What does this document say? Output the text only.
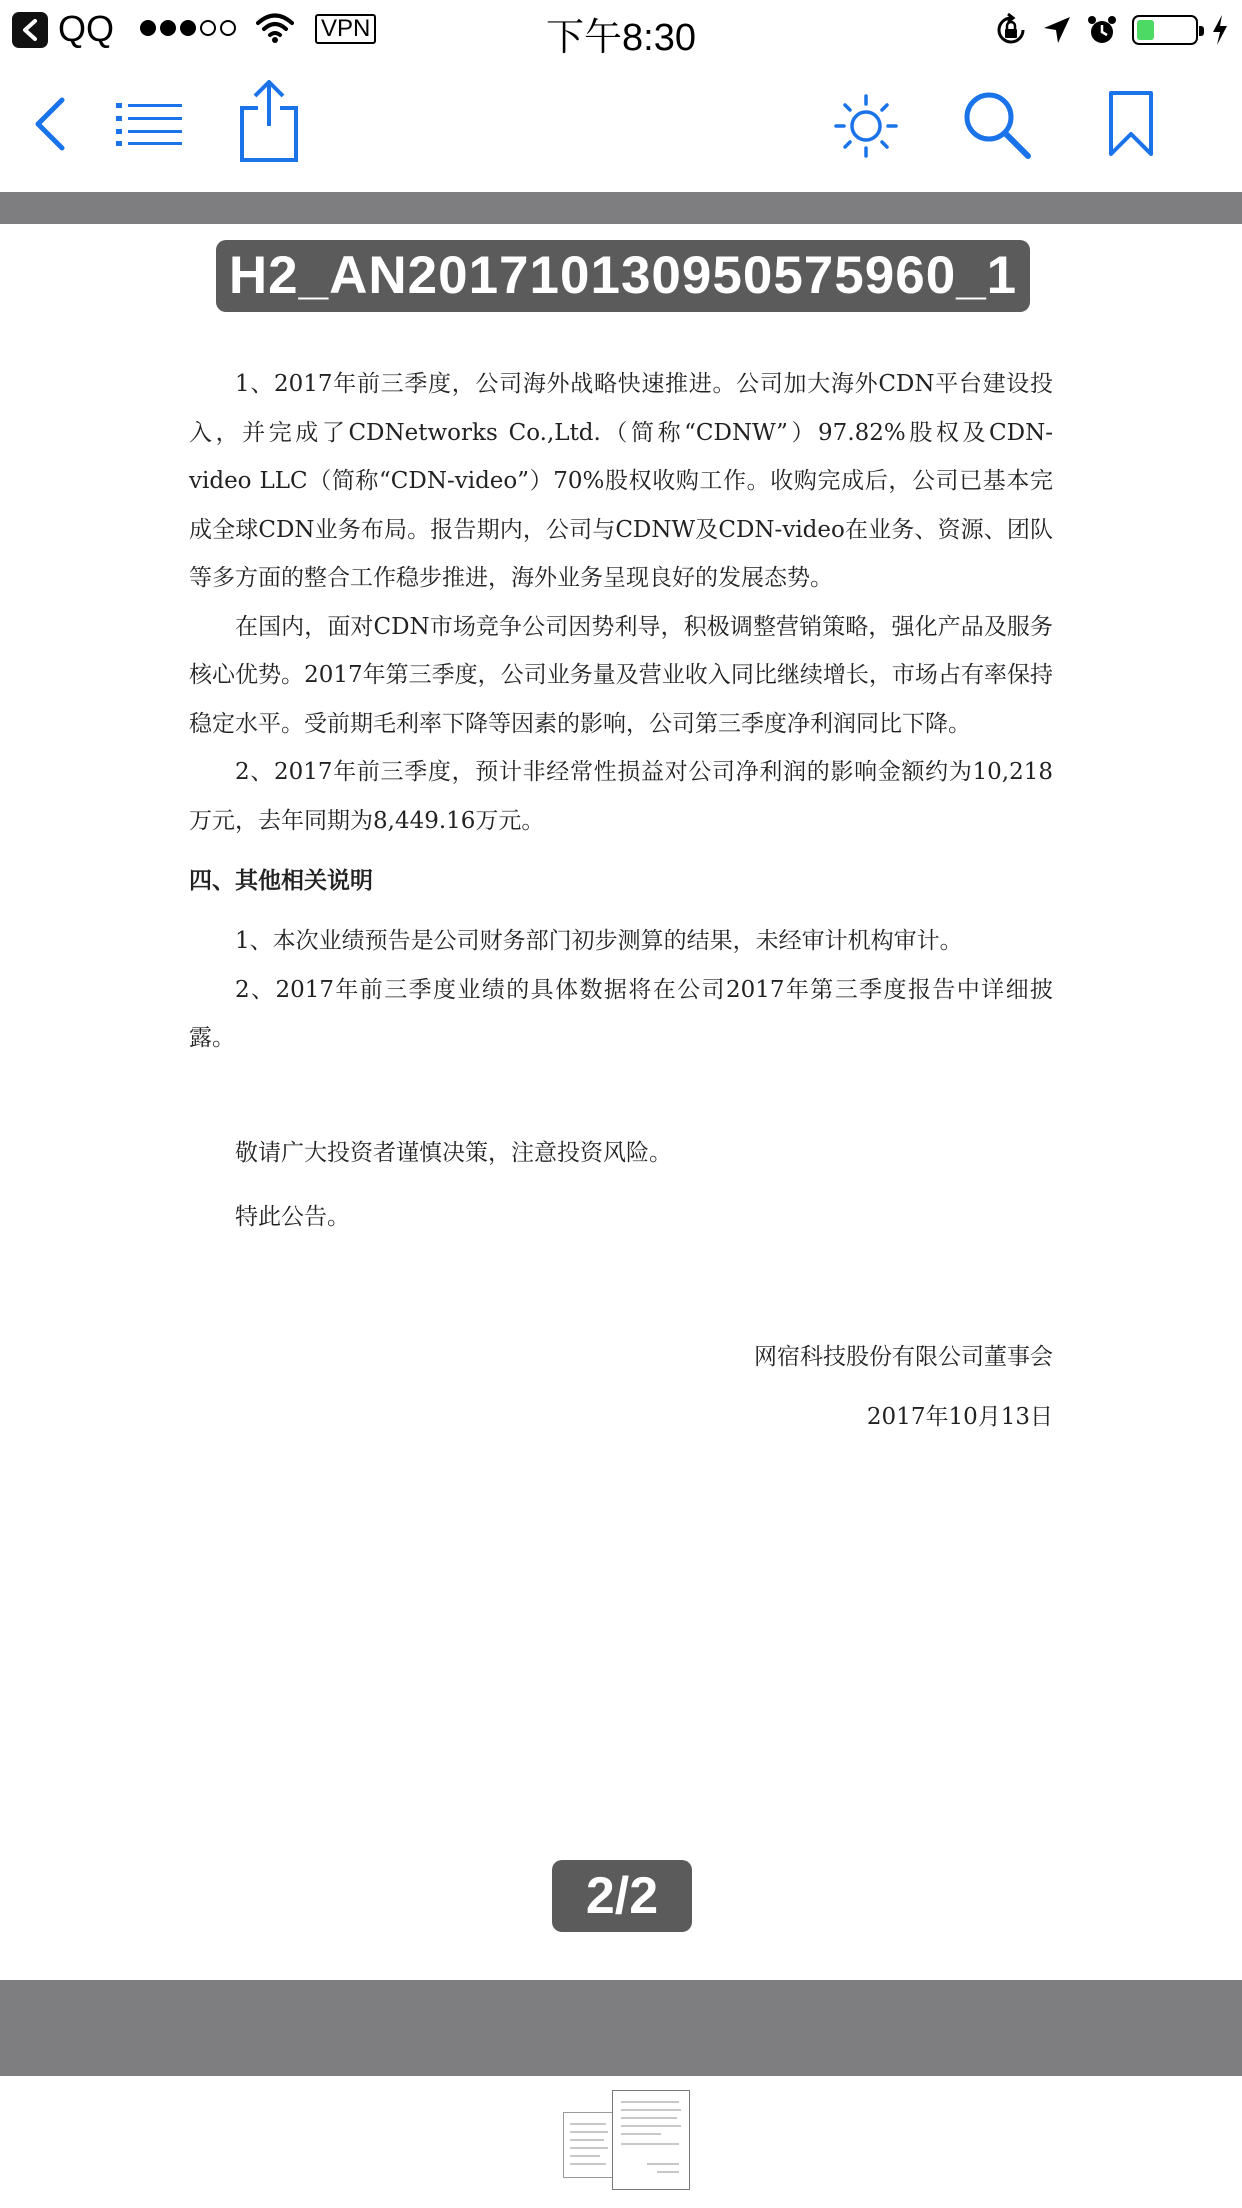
QQ	VPN	下午8:30
H2_AN201710130950575960_1

1、2017年前三季度，公司海外战略快速推进。公司加大海外CDN平台建设投入，并完成了CDNetworks Co.,Ltd.（简称“CDNW”）97.82%股权及CDN-video LLC（简称“CDN-video”）70%股权收购工作。收购完成后，公司已基本完成全球CDN业务布局。报告期内，公司与CDNW及CDN-video在业务、资源、团队等多方面的整合工作稳步推进，海外业务呈现良好的发展态势。

在国内，面对CDN市场竞争公司因势利导，积极调整营销策略，强化产品及服务核心优势。2017年第三季度，公司业务量及营业收入同比继续增长，市场占有率保持稳定水平。受前期毛利率下降等因素的影响，公司第三季度净利润同比下降。

2、2017年前三季度，预计非经常性损益对公司净利润的影响金额约为10,218万元，去年同期为8,449.16万元。

四、其他相关说明

1、本次业绩预告是公司财务部门初步测算的结果，未经审计机构审计。

2、2017年前三季度业绩的具体数据将在公司2017年第三季度报告中详细披露。

敬请广大投资者谨慎决策，注意投资风险。

特此公告。

网宿科技股份有限公司董事会
2017年10月13日
2/2
